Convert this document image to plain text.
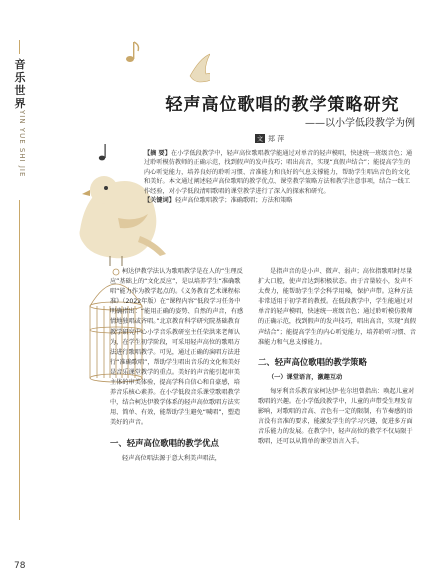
音
乐
世
界
YIN YUE SHI JIE
78
轻声高位歌唱的教学策略研究
——以小学低段教学为例
文 郑 萍

【摘 要】在小学低段教学中，轻声高位歌唱教学能通过对单音的轻声模唱，快速统一班级音色；通过聆听模仿教师的正确示范，找到假声的发声技巧；唱出高音，实现“真假声结合”；能提高学生的内心听觉能力，培养良好的聆听习惯、音准能力和良好的气息支撑能力，帮助学生唱出音色的文化和美好。本文通过阐述轻声高位歌唱的教学优点、课堂教学策略方法和教学注意事项，结合一线工作经验，对小学低段清唱歌唱的课堂教学进行了深入的探索和研究。

【关键词】轻声高位歌唱教学；准确歌唱；方法和策略

柯达伊教学法认为歌唱教学是在人的“生理反应”基础上的“文化反应”，是以培养学生“准确歌唱”能力作为教学起点的。《义务教育艺术课程标准》（2022年版）在“课程内容”低段学习任务中明确指出：“能用正确的姿势、自然的声音，有感情地独唱或齐唱。”北京教育科学研究院基础教育教学研究中心小学音乐教研室主任荣洪来老师认为，在学生初学阶段，可采用轻声高位的歌唱方法进行歌唱教学。可见，通过正确的演唱方法进行“准确歌唱”，帮助学生唱出音乐的文化和美好是音乐课堂教学的重点。美好的声音能引起审美主体的审美体验，提高学科自信心和自豪感，培养音乐核心素养。在小学低段音乐课堂歌唱教学中，结合柯达伊教学体系的轻声高位歌唱方法实用、简单、有效，能帮助学生避免“喊唱”，塑造美好的声音。

一、轻声高位歌唱的教学优点

轻声高位唱法源于意大利美声唱法，

是指声音的是小声、微声、弱声；高位指歌唱时尽量扩大口腔，使声音达到积极状态。由于音量较小，发声不太费力，能帮助学生学会科学用嗓，保护声带。这种方法非常适用于初学者的教授。在低段教学中，学生能通过对单音的轻声模唱，快速统一班级音色；通过聆听模仿教师的正确示范，找到假声的发声技巧，唱出高音，实现“真假声结合”；能提高学生的内心听觉能力，培养聆听习惯、音准能力和气息支撑能力。

二、轻声高位歌唱的教学策略
（一）课堂语言，激趣互动

匈牙利音乐教育家柯达伊·佐尔坦曾指出：唤起儿童对歌唱的兴趣。在小学低段教学中，儿童的声带受生理发育影响，对歌唱的音高、音色有一定的限制，有节奏感的语言没有音准的要求，能激发学生的学习兴趣，促进多方面音乐能力的发展。在教学中，轻声高位的教学不仅局限于歌唱，还可以从简单的课堂语言入手。
